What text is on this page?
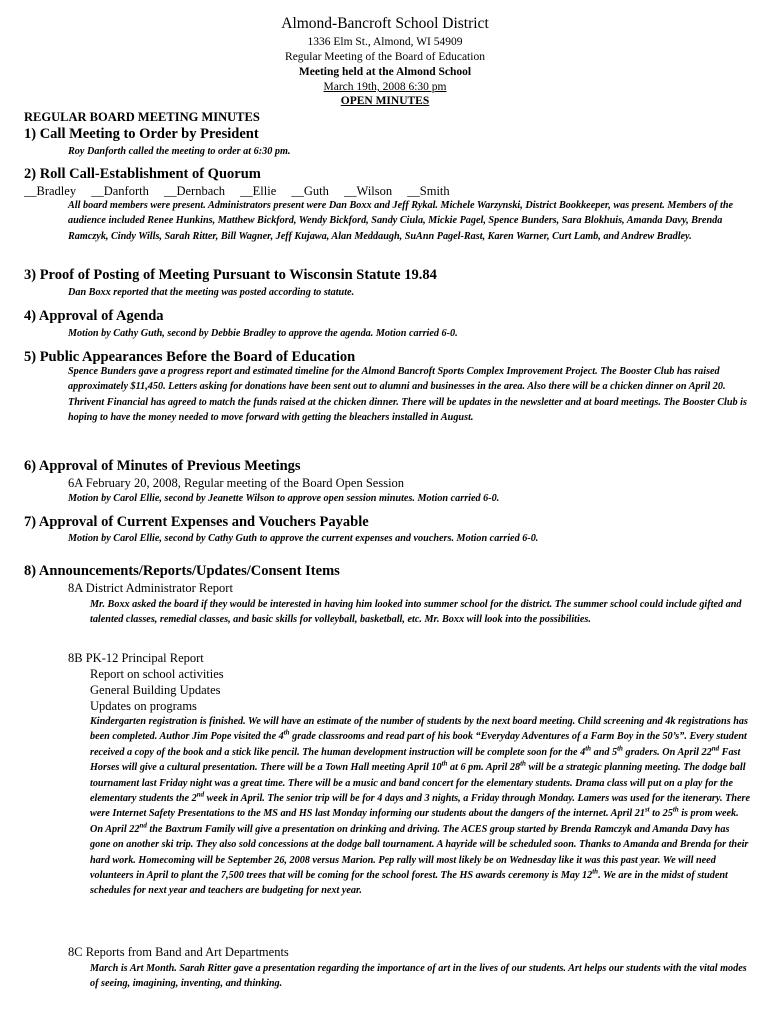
Almond-Bancroft School District
1336 Elm St., Almond, WI 54909
Regular Meeting of the Board of Education
Meeting held at the Almond School
March 19th, 2008 6:30 pm
OPEN MINUTES
REGULAR BOARD MEETING MINUTES
1) Call Meeting to Order by President
Roy Danforth called the meeting to order at 6:30 pm.
2) Roll Call-Establishment of Quorum
__Bradley __Danforth __Dernbach __Ellie __Guth __Wilson __Smith
All board members were present. Administrators present were Dan Boxx and Jeff Rykal. Michele Warzynski, District Bookkeeper, was present. Members of the audience included Renee Hunkins, Matthew Bickford, Wendy Bickford, Sandy Ciula, Mickie Pagel, Spence Bunders, Sara Blokhuis, Amanda Davy, Brenda Ramczyk, Cindy Wills, Sarah Ritter, Bill Wagner, Jeff Kujawa, Alan Meddaugh, SuAnn Pagel-Rast, Karen Warner, Curt Lamb, and Andrew Bradley.
3) Proof of Posting of Meeting Pursuant to Wisconsin Statute 19.84
Dan Boxx reported that the meeting was posted according to statute.
4) Approval of Agenda
Motion by Cathy Guth, second by Debbie Bradley to approve the agenda. Motion carried 6-0.
5) Public Appearances Before the Board of Education
Spence Bunders gave a progress report and estimated timeline for the Almond Bancroft Sports Complex Improvement Project. The Booster Club has raised approximately $11,450. Letters asking for donations have been sent out to alumni and businesses in the area. Also there will be a chicken dinner on April 20. Thrivent Financial has agreed to match the funds raised at the chicken dinner. There will be updates in the newsletter and at board meetings. The Booster Club is hoping to have the money needed to move forward with getting the bleachers installed in August.
6) Approval of Minutes of Previous Meetings
6A February 20, 2008, Regular meeting of the Board Open Session
Motion by Carol Ellie, second by Jeanette Wilson to approve open session minutes. Motion carried 6-0.
7) Approval of Current Expenses and Vouchers Payable
Motion by Carol Ellie, second by Cathy Guth to approve the current expenses and vouchers. Motion carried 6-0.
8) Announcements/Reports/Updates/Consent Items
8A District Administrator Report
Mr. Boxx asked the board if they would be interested in having him looked into summer school for the district. The summer school could include gifted and talented classes, remedial classes, and basic skills for volleyball, basketball, etc. Mr. Boxx will look into the possibilities.
8B PK-12 Principal Report
Report on school activities
General Building Updates
Updates on programs
Kindergarten registration is finished. We will have an estimate of the number of students by the next board meeting. Child screening and 4k registrations has been completed. Author Jim Pope visited the 4th grade classrooms and read part of his book “Everyday Adventures of a Farm Boy in the 50’s”. Every student received a copy of the book and a stick like pencil. The human development instruction will be complete soon for the 4th and 5th graders. On April 22nd Fast Horses will give a cultural presentation. There will be a Town Hall meeting April 10th at 6 pm. April 28th will be a strategic planning meeting. The dodge ball tournament last Friday night was a great time. There will be a music and band concert for the elementary students. Drama class will put on a play for the elementary students the 2nd week in April. The senior trip will be for 4 days and 3 nights, a Friday through Monday. Lamers was used for the itenerary. There were Internet Safety Presentations to the MS and HS last Monday informing our students about the dangers of the internet. April 21st to 25th is prom week. On April 22nd the Baxtrum Family will give a presentation on drinking and driving. The ACES group started by Brenda Ramczyk and Amanda Davy has gone on another ski trip. They also sold concessions at the dodge ball tournament. A hayride will be scheduled soon. Thanks to Amanda and Brenda for their hard work. Homecoming will be September 26, 2008 versus Marion. Pep rally will most likely be on Wednesday like it was this past year. We will need volunteers in April to plant the 7,500 trees that will be coming for the school forest. The HS awards ceremony is May 12th. We are in the midst of student schedules for next year and teachers are budgeting for next year.
8C Reports from Band and Art Departments
March is Art Month. Sarah Ritter gave a presentation regarding the importance of art in the lives of our students. Art helps our students with the vital modes of seeing, imagining, inventing, and thinking.
